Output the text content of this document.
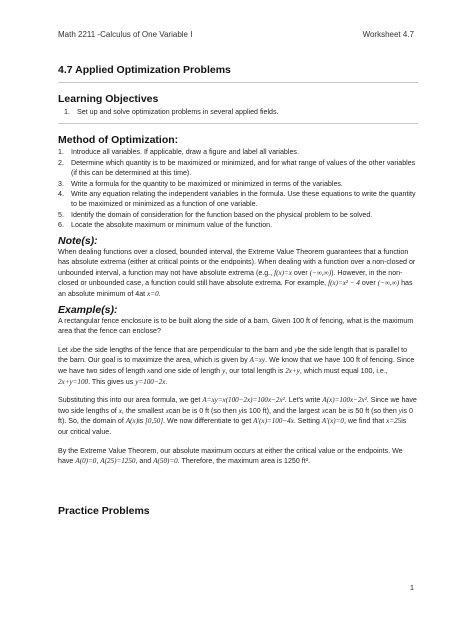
Math 2211 -Calculus of One Variable I	Worksheet 4.7
4.7 Applied Optimization Problems
Learning Objectives
1. Set up and solve optimization problems in several applied fields.
Method of Optimization:
1. Introduce all variables. If applicable, draw a figure and label all variables.
2. Determine which quantity is to be maximized or minimized, and for what range of values of the other variables (if this can be determined at this time).
3. Write a formula for the quantity to be maximized or minimized in terms of the variables.
4. Write any equation relating the independent variables in the formula. Use these equations to write the quantity to be maximized or minimized as a function of one variable.
5. Identify the domain of consideration for the function based on the physical problem to be solved.
6. Locate the absolute maximum or minimum value of the function.
Note(s):

When dealing functions over a closed, bounded interval, the Extreme Value Theorem guarantees that a function has absolute extrema (either at critical points or the endpoints). When dealing with a function over a non-closed or unbounded interval, a function may not have absolute extrema (e.g., f(x)=x over (−∞,∞)). However, in the non-closed or unbounded case, a function could still have absolute extrema. For example, f(x)=x² − 4 over (−∞,∞) has an absolute minimum of 4at x=0.

Example(s):

A rectangular fence enclosure is to be built along the side of a barn. Given 100 ft of fencing, what is the maximum area that the fence can enclose?

Let xbe the side lengths of the fence that are perpendicular to the barn and ybe the side length that is parallel to the barn. Our goal is to maximize the area, which is given by A=xy. We know that we have 100 ft of fencing. Since we have two sides of length xand one side of length y, our total length is 2x+y, which must equal 100, i.e., 2x+y=100. This gives us y=100−2x.

Substituting this into our area formula, we get A=xy=x(100−2x)=100x−2x². Let's write A(x)=100x−2x². Since we have two side lengths of x, the smallest xcan be is 0 ft (so then yis 100 ft), and the largest xcan be is 50 ft (so then yis 0 ft). So, the domain of A(x)is [0,50]. We now differentiate to get A′(x)=100−4x. Setting A′(x)=0, we find that x=25is our critical value.

By the Extreme Value Theorem, our absolute maximum occurs at either the critical value or the endpoints. We have A(0)=0, A(25)=1250, and A(50)=0. Therefore, the maximum area is 1250 ft².

Practice Problems
1
